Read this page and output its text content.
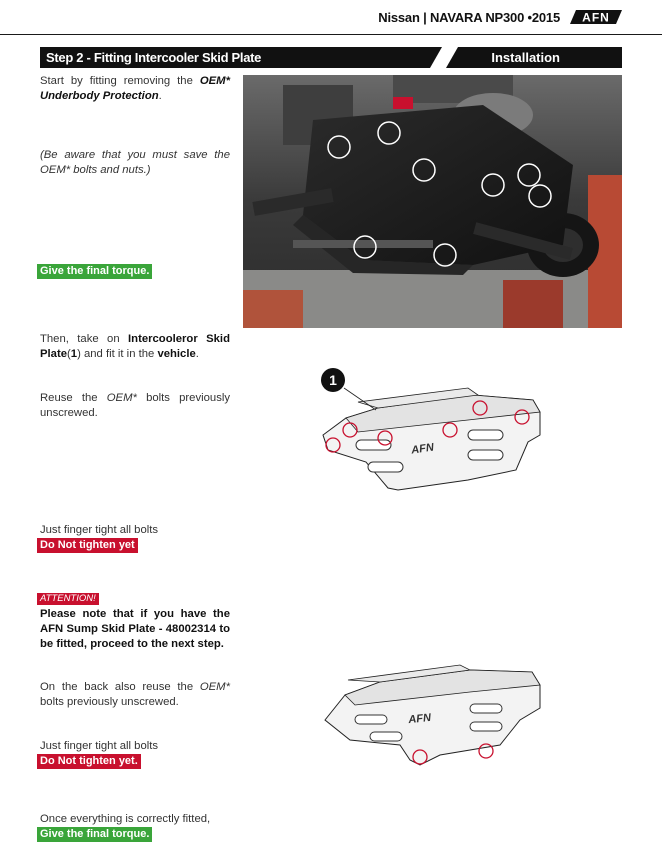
Nissan | NAVARA NP300 •2015 AFN
Step 2 - Fitting Intercooler Skid Plate	Installation
Start by fitting removing the OEM* Underbody Protection.
(Be aware that you must save the OEM* bolts and nuts.)
Give the final torque.
Then, take on Intercooleror Skid Plate(1) and fit it in the vehicle.
Reuse the OEM* bolts previously unscrewed.
Just finger tight all bolts
Do Not tighten yet
ATTENTION!
Please note that if you have the AFN Sump Skid Plate - 48002314 to be fitted, proceed to the next step.
On the back also reuse the OEM* bolts previously unscrewed.
Just finger tight all bolts
Do Not tighten yet.
Once everything is correctly fitted,
Give the final torque.
AFN
1
AFN
